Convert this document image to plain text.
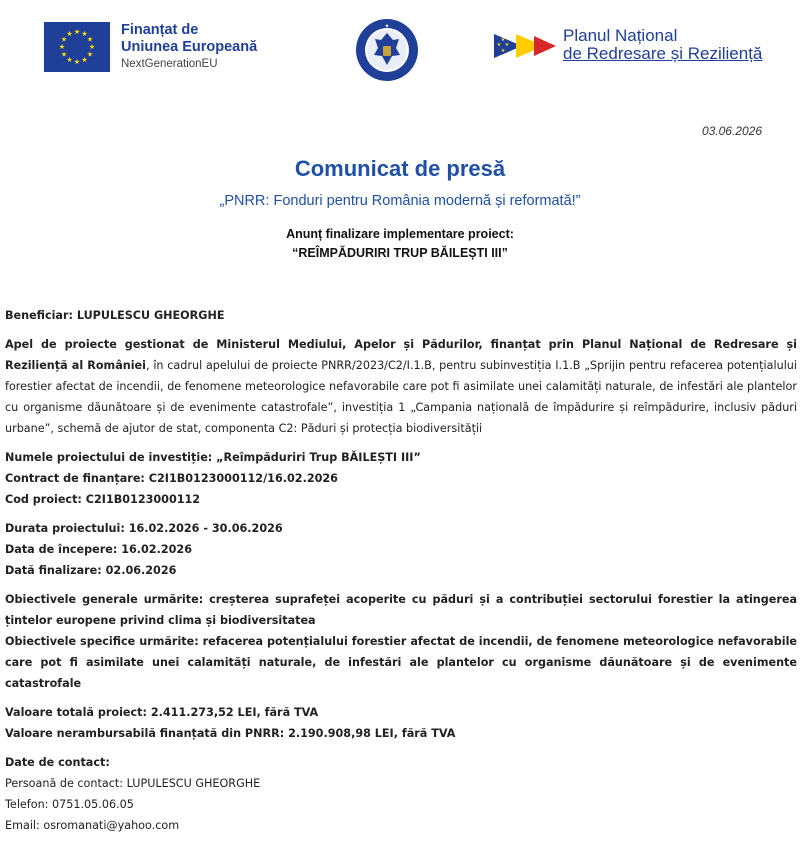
★ ★
★
★
★
★
★
★
★
★
★
★	Finanțat de
Uniunea Europeană
NextGenerationEU
✦
★
★
★
★	Planul Național
de Redresare și Reziliență
03.06.2026
Comunicat de presă
„PNRR: Fonduri pentru România modernă și reformată!”
Anunț finalizare implementare proiect:
“REÎMPĂDURIRI TRUP BĂILEȘTI III”

Beneficiar: LUPULESCU GHEORGHE

Apel de proiecte gestionat de Ministerul Mediului, Apelor și Pădurilor, finanțat prin Planul Național de Redresare și Reziliență al României, în cadrul apelului de proiecte PNRR/2023/C2/I.1.B, pentru subinvestiția I.1.B „Sprijin pentru refacerea potențialului forestier afectat de incendii, de fenomene meteorologice nefavorabile care pot fi asimilate unei calamități naturale, de infestări ale plantelor cu organisme dăunătoare și de evenimente catastrofale”, investiția 1 „Campania națională de împădurire și reîmpădurire, inclusiv păduri urbane”, schemă de ajutor de stat, componenta C2: Păduri și protecția biodiversității

Numele proiectului de investiție: „Reîmpăduriri Trup BĂILEȘTI III”

Contract de finanțare: C2I1B0123000112/16.02.2026

Cod proiect: C2I1B0123000112

Durata proiectului: 16.02.2026 - 30.06.2026

Data de începere: 16.02.2026

Dată finalizare: 02.06.2026

Obiectivele generale urmărite: creșterea suprafeței acoperite cu păduri și a contribuției sectorului forestier la atingerea țintelor europene privind clima și biodiversitatea

Obiectivele specifice urmărite: refacerea potențialului forestier afectat de incendii, de fenomene meteorologice nefavorabile care pot fi asimilate unei calamități naturale, de infestări ale plantelor cu organisme dăunătoare și de evenimente catastrofale

Valoare totală proiect: 2.411.273,52 LEI, fără TVA

Valoare nerambursabilă finanțată din PNRR: 2.190.908,98 LEI, fără TVA

Date de contact:

Persoană de contact: LUPULESCU GHEORGHE

Telefon: 0751.05.06.05

Email: osromanati@yahoo.com
